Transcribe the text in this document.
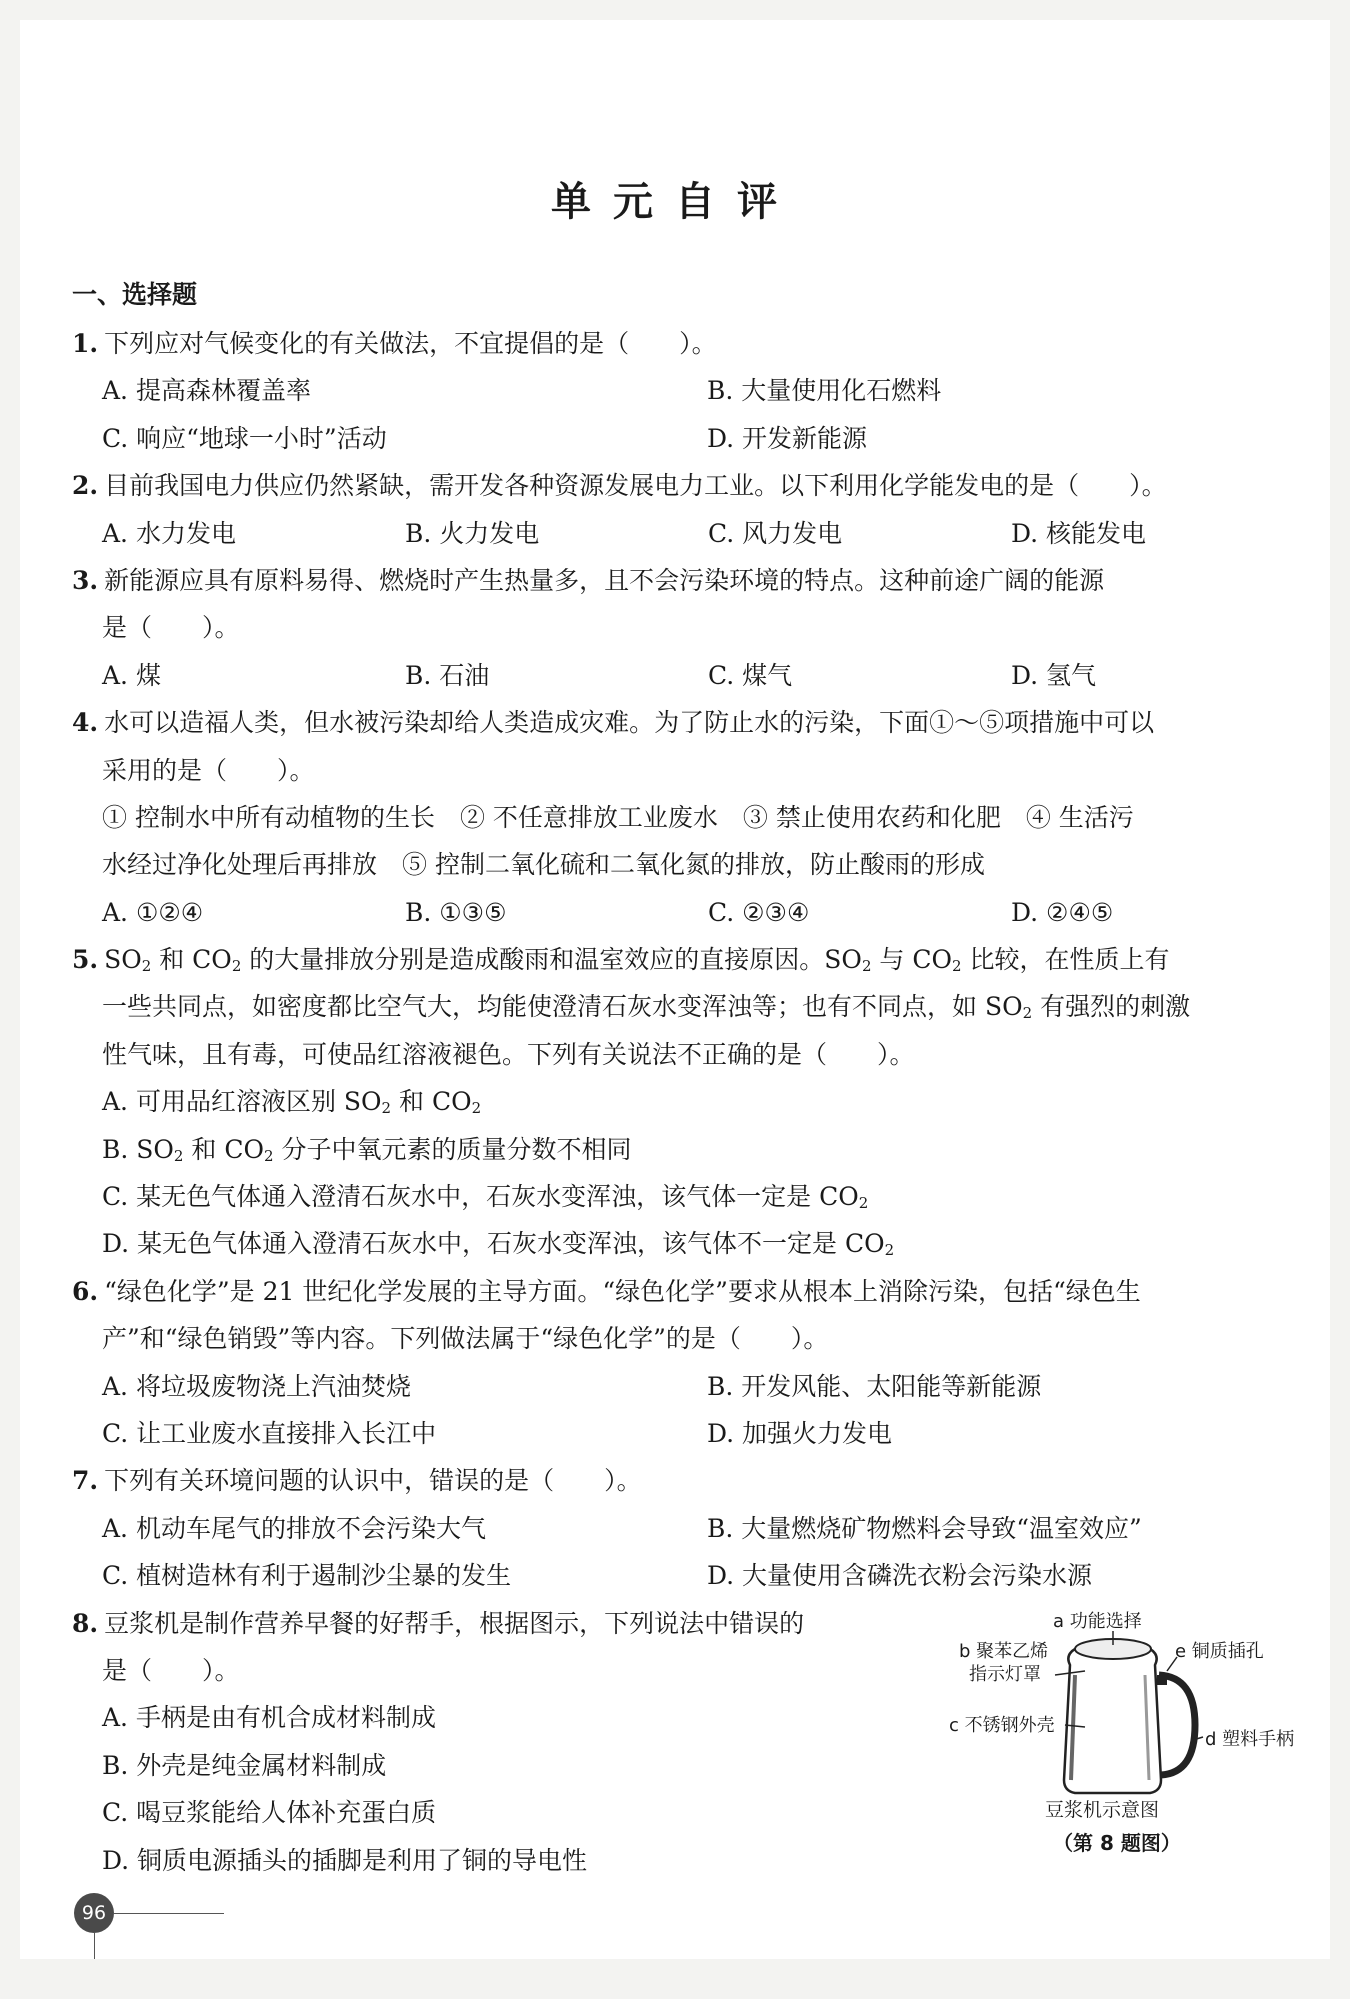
单元自评
一、选择题
1. 下列应对气候变化的有关做法，不宜提倡的是（　　）。
A. 提高森林覆盖率	B. 大量使用化石燃料
C. 响应“地球一小时”活动	D. 开发新能源
2. 目前我国电力供应仍然紧缺，需开发各种资源发展电力工业。以下利用化学能发电的是（　　）。
A. 水力发电	B. 火力发电	C. 风力发电	D. 核能发电
3. 新能源应具有原料易得、燃烧时产生热量多，且不会污染环境的特点。这种前途广阔的能源
是（　　）。
A. 煤	B. 石油	C. 煤气	D. 氢气
4. 水可以造福人类，但水被污染却给人类造成灾难。为了防止水的污染，下面①～⑤项措施中可以
采用的是（　　）。
① 控制水中所有动植物的生长　② 不任意排放工业废水　③ 禁止使用农药和化肥　④ 生活污
水经过净化处理后再排放　⑤ 控制二氧化硫和二氧化氮的排放，防止酸雨的形成
A. ①②④	B. ①③⑤	C. ②③④	D. ②④⑤
5. $SO_2$ 和 $CO_2$ 的大量排放分别是造成酸雨和温室效应的直接原因。$SO_2$ 与 $CO_2$ 比较，在性质上有
一些共同点，如密度都比空气大，均能使澄清石灰水变浑浊等；也有不同点，如 $SO_2$ 有强烈的刺激
性气味，且有毒，可使品红溶液褪色。下列有关说法不正确的是（　　）。
A. 可用品红溶液区别 $SO_2$ 和 $CO_2$
B. $SO_2$ 和 $CO_2$ 分子中氧元素的质量分数不相同
C. 某无色气体通入澄清石灰水中，石灰水变浑浊，该气体一定是 $CO_2$
D. 某无色气体通入澄清石灰水中，石灰水变浑浊，该气体不一定是 $CO_2$
6. “绿色化学”是 21 世纪化学发展的主导方面。“绿色化学”要求从根本上消除污染，包括“绿色生
产”和“绿色销毁”等内容。下列做法属于“绿色化学”的是（　　）。
A. 将垃圾废物浇上汽油焚烧	B. 开发风能、太阳能等新能源
C. 让工业废水直接排入长江中	D. 加强火力发电
7. 下列有关环境问题的认识中，错误的是（　　）。
A. 机动车尾气的排放不会污染大气	B. 大量燃烧矿物燃料会导致“温室效应”
C. 植树造林有利于遏制沙尘暴的发生	D. 大量使用含磷洗衣粉会污染水源
8. 豆浆机是制作营养早餐的好帮手，根据图示，下列说法中错误的
是（　　）。
A. 手柄是由有机合成材料制成
B. 外壳是纯金属材料制成
C. 喝豆浆能给人体补充蛋白质
D. 铜质电源插头的插脚是利用了铜的导电性
a 功能选择
b 聚苯乙烯
指示灯罩
c 不锈钢外壳
e 铜质插孔
d 塑料手柄
豆浆机示意图
（第 8 题图）
96
